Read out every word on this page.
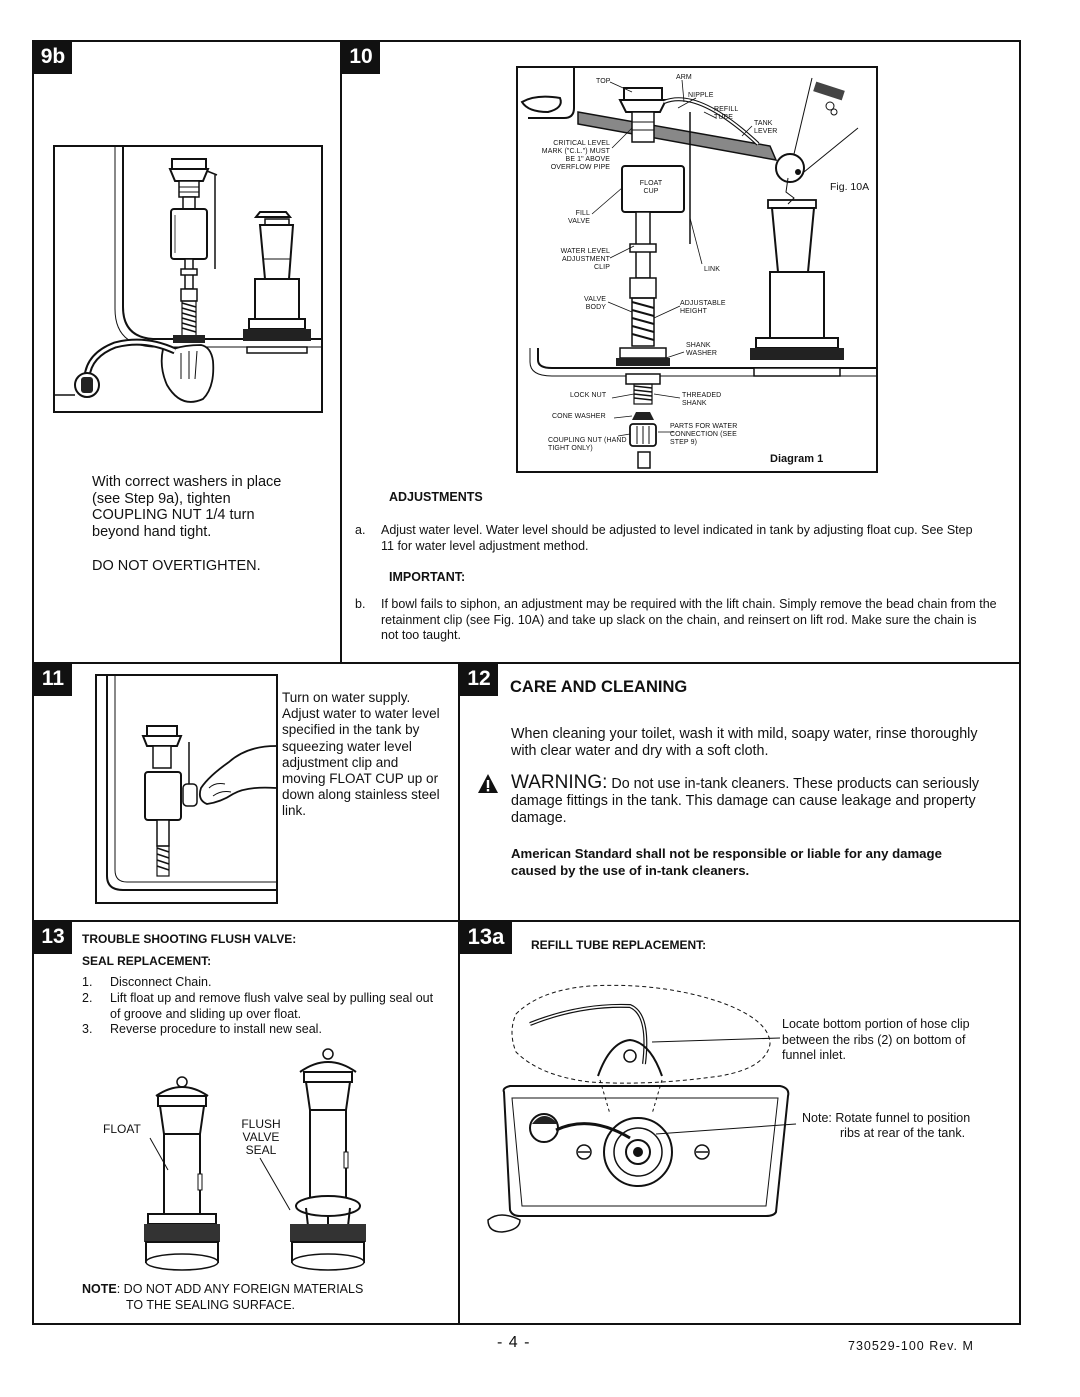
9b
With correct washers in place (see Step 9a), tighten COUPLING NUT 1/4 turn beyond hand tight.
DO NOT OVERTIGHTEN.
10
TOP
ARM
NIPPLE
REFILL TUBE
TANK LEVER
CRITICAL LEVEL MARK ("C.L.") MUST BE 1" ABOVE OVERFLOW PIPE
FLOAT CUP
FILL VALVE
WATER LEVEL ADJUSTMENT CLIP	LINK
VALVE BODY
ADJUSTABLE HEIGHT
SHANK WASHER
LOCK NUT	THREADED SHANK
CONE WASHER
PARTS FOR WATER CONNECTION (SEE STEP 9)
COUPLING NUT (HAND TIGHT ONLY)
Fig. 10A
Diagram 1
ADJUSTMENTS
a. Adjust water level. Water level should be adjusted to level indicated in tank by adjusting float cup. See Step 11 for water level adjustment method.
IMPORTANT:
b. If bowl fails to siphon, an adjustment may be required with the lift chain. Simply remove the bead chain from the retainment clip (see Fig. 10A) and take up slack on the chain, and reinsert on lift rod. Make sure the chain is not too taught.
11
Turn on water supply. Adjust water to water level specified in the tank by squeezing water level adjustment clip and moving FLOAT CUP up or down along stainless steel link.
12	CARE AND CLEANING
When cleaning your toilet, wash it with mild, soapy water, rinse thoroughly with clear water and dry with a soft cloth.
WARNING: Do not use in-tank cleaners. These products can seriously damage fittings in the tank. This damage can cause leakage and property damage.
American Standard shall not be responsible or liable for any damage caused by the use of in-tank cleaners.
13	TROUBLE SHOOTING FLUSH VALVE:
SEAL REPLACEMENT:
1. Disconnect Chain.
2. Lift float up and remove flush valve seal by pulling seal out of groove and sliding up over float.
3. Reverse procedure to install new seal.
FLOAT	FLUSH VALVE SEAL
NOTE: DO NOT ADD ANY FOREIGN MATERIALS
TO THE SEALING SURFACE.
13a	REFILL TUBE REPLACEMENT:
Locate bottom portion of hose clip between the ribs (2) on bottom of funnel inlet.
Note: Rotate funnel to position
ribs at rear of the tank.
- 4 -	730529-100 Rev. M
